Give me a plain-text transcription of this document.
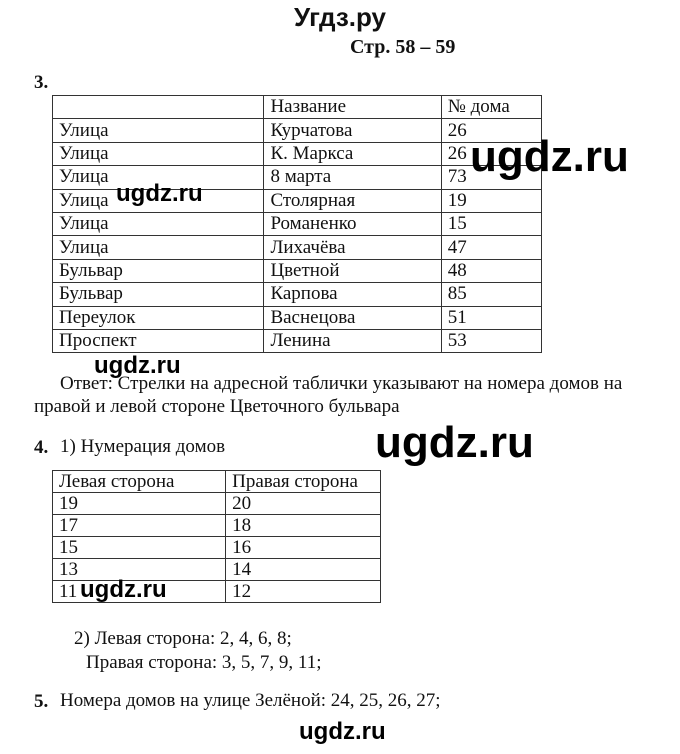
Угдз.ру
Стр. 58 – 59
3.
	Название	№ дома
Улица	Курчатова	26
Улица	К. Маркса	26
Улица	8 марта	73
Улица	Столярная	19
Улица	Романенко	15
Улица	Лихачёва	47
Бульвар	Цветной	48
Бульвар	Карпова	85
Переулок	Васнецова	51
Проспект	Ленина	53
Ответ: Стрелки на адресной таблички указывают на номера домов на
правой и левой стороне Цветочного бульвара
4. 1) Нумерация домов
Левая сторона	Правая сторона
19	20
17	18
15	16
13	14
11	12
2) Левая сторона: 2, 4, 6, 8;
Правая сторона: 3, 5, 7, 9, 11;
5. Номера домов на улице Зелёной: 24, 25, 26, 27;
ugdz.ru
ugdz.ru
ugdz.ru
ugdz.ru
ugdz.ru
ugdz.ru
